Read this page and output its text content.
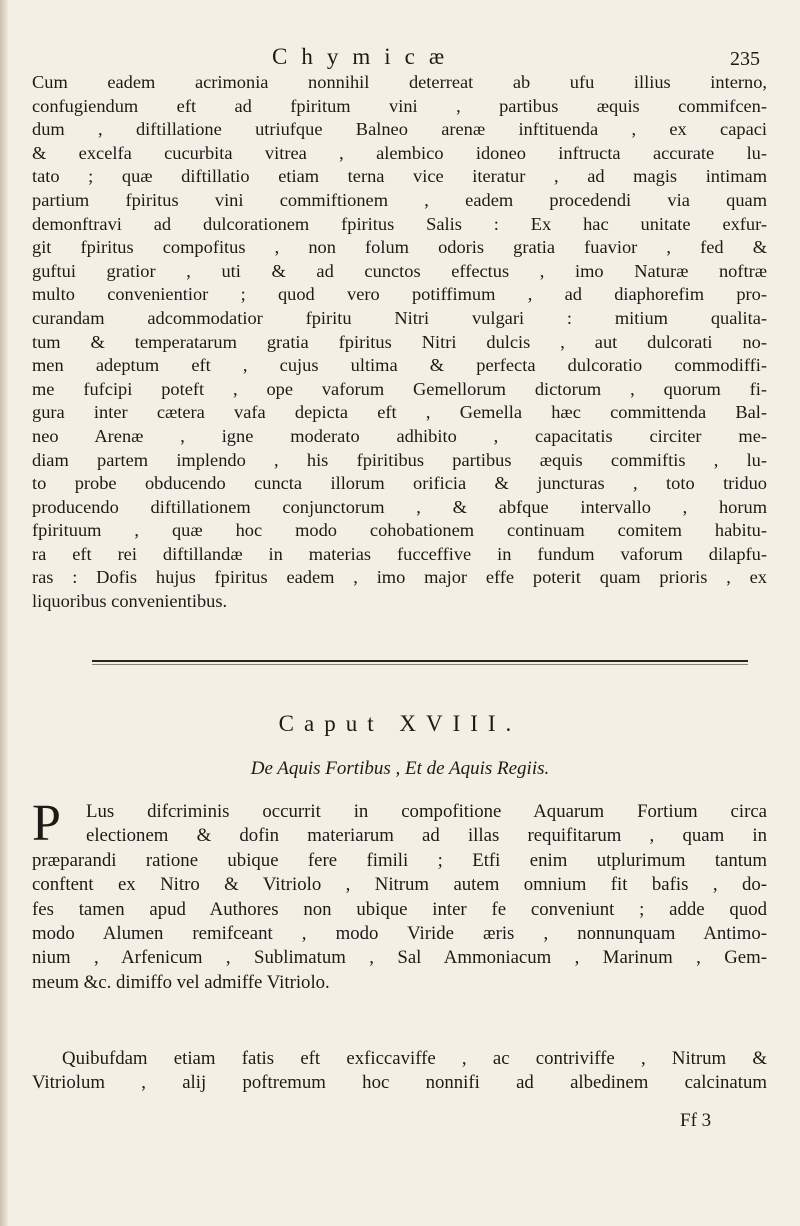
Chymicæ	235
Cum eadem acrimonia nonnihil deterreat ab ufu illius interno,
confugiendum eft ad fpiritum vini , partibus æquis commifcen-
dum , diftillatione utriufque Balneo arenæ inftituenda , ex capaci
& excelfa cucurbita vitrea , alembico idoneo inftructa accurate lu-
tato ; quæ diftillatio etiam terna vice iteratur , ad magis intimam
partium fpiritus vini commiftionem , eadem procedendi via quam
demonftravi ad dulcorationem fpiritus Salis : Ex hac unitate exfur-
git fpiritus compofitus , non folum odoris gratia fuavior , fed &
guftui gratior , uti & ad cunctos effectus , imo Naturæ noftræ
multo convenientior ; quod vero potiffimum , ad diaphorefim pro-
curandam adcommodatior fpiritu Nitri vulgari : mitium qualita-
tum & temperatarum gratia fpiritus Nitri dulcis , aut dulcorati no-
men adeptum eft , cujus ultima & perfecta dulcoratio commodiffi-
me fufcipi poteft , ope vaforum Gemellorum dictorum , quorum fi-
gura inter cætera vafa depicta eft , Gemella hæc committenda Bal-
neo Arenæ , igne moderato adhibito , capacitatis circiter me-
diam partem implendo , his fpiritibus partibus æquis commiftis , lu-
to probe obducendo cuncta illorum orificia & juncturas , toto triduo
producendo diftillationem conjunctorum , & abfque intervallo , horum
fpirituum , quæ hoc modo cohobationem continuam comitem habitu-
ra eft rei diftillandæ in materias fucceffive in fundum vaforum dilapfu-
ras : Dofis hujus fpiritus eadem , imo major effe poterit quam prioris , ex
liquoribus convenientibus.
Caput XVIII.
De Aquis Fortibus , Et de Aquis Regiis.
P	Lus difcriminis occurrit in compofitione Aquarum Fortium circa
electionem & dofin materiarum ad illas requifitarum , quam in
præparandi ratione ubique fere fimili ; Etfi enim utplurimum tantum
conftent ex Nitro & Vitriolo , Nitrum autem omnium fit bafis , do-
fes tamen apud Authores non ubique inter fe conveniunt ; adde quod
modo Alumen remifceant , modo Viride æris , nonnunquam Antimo-
nium , Arfenicum , Sublimatum , Sal Ammoniacum , Marinum , Gem-
meum &c. dimiffo vel admiffe Vitriolo.
Quibufdam etiam fatis eft exficcaviffe , ac contriviffe , Nitrum &
Vitriolum , alij poftremum hoc nonnifi ad albedinem calcinatum
Ff 3
